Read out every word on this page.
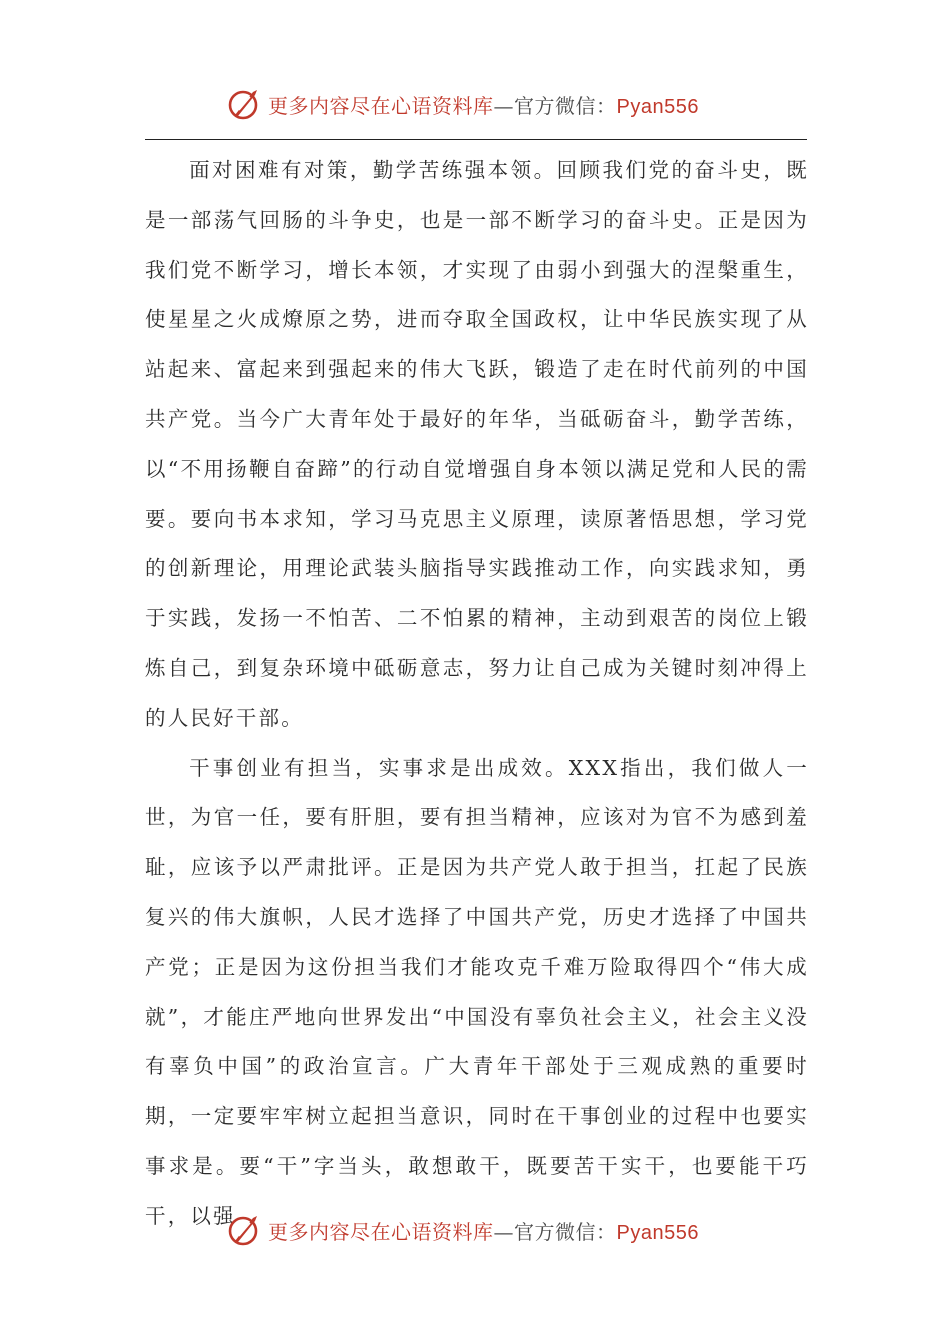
更多内容尽在心语资料库—官方微信：Pyan556

面对困难有对策，勤学苦练强本领。回顾我们党的奋斗史，既是一部荡气回肠的斗争史，也是一部不断学习的奋斗史。正是因为我们党不断学习，增长本领，才实现了由弱小到强大的涅槃重生，使星星之火成燎原之势，进而夺取全国政权，让中华民族实现了从站起来、富起来到强起来的伟大飞跃，锻造了走在时代前列的中国共产党。当今广大青年处于最好的年华，当砥砺奋斗，勤学苦练，以“不用扬鞭自奋蹄”的行动自觉增强自身本领以满足党和人民的需要。要向书本求知，学习马克思主义原理，读原著悟思想，学习党的创新理论，用理论武装头脑指导实践推动工作，向实践求知，勇于实践，发扬一不怕苦、二不怕累的精神，主动到艰苦的岗位上锻炼自己，到复杂环境中砥砺意志，努力让自己成为关键时刻冲得上的人民好干部。

干事创业有担当，实事求是出成效。XXX指出，我们做人一世，为官一任，要有肝胆，要有担当精神，应该对为官不为感到羞耻，应该予以严肃批评。正是因为共产党人敢于担当，扛起了民族复兴的伟大旗帜，人民才选择了中国共产党，历史才选择了中国共产党；正是因为这份担当我们才能攻克千难万险取得四个“伟大成就”，才能庄严地向世界发出“中国没有辜负社会主义，社会主义没有辜负中国”的政治宣言。广大青年干部处于三观成熟的重要时期，一定要牢牢树立起担当意识，同时在干事创业的过程中也要实事求是。要“干”字当头，敢想敢干，既要苦干实干，也要能干巧干，以强

更多内容尽在心语资料库—官方微信：Pyan556
